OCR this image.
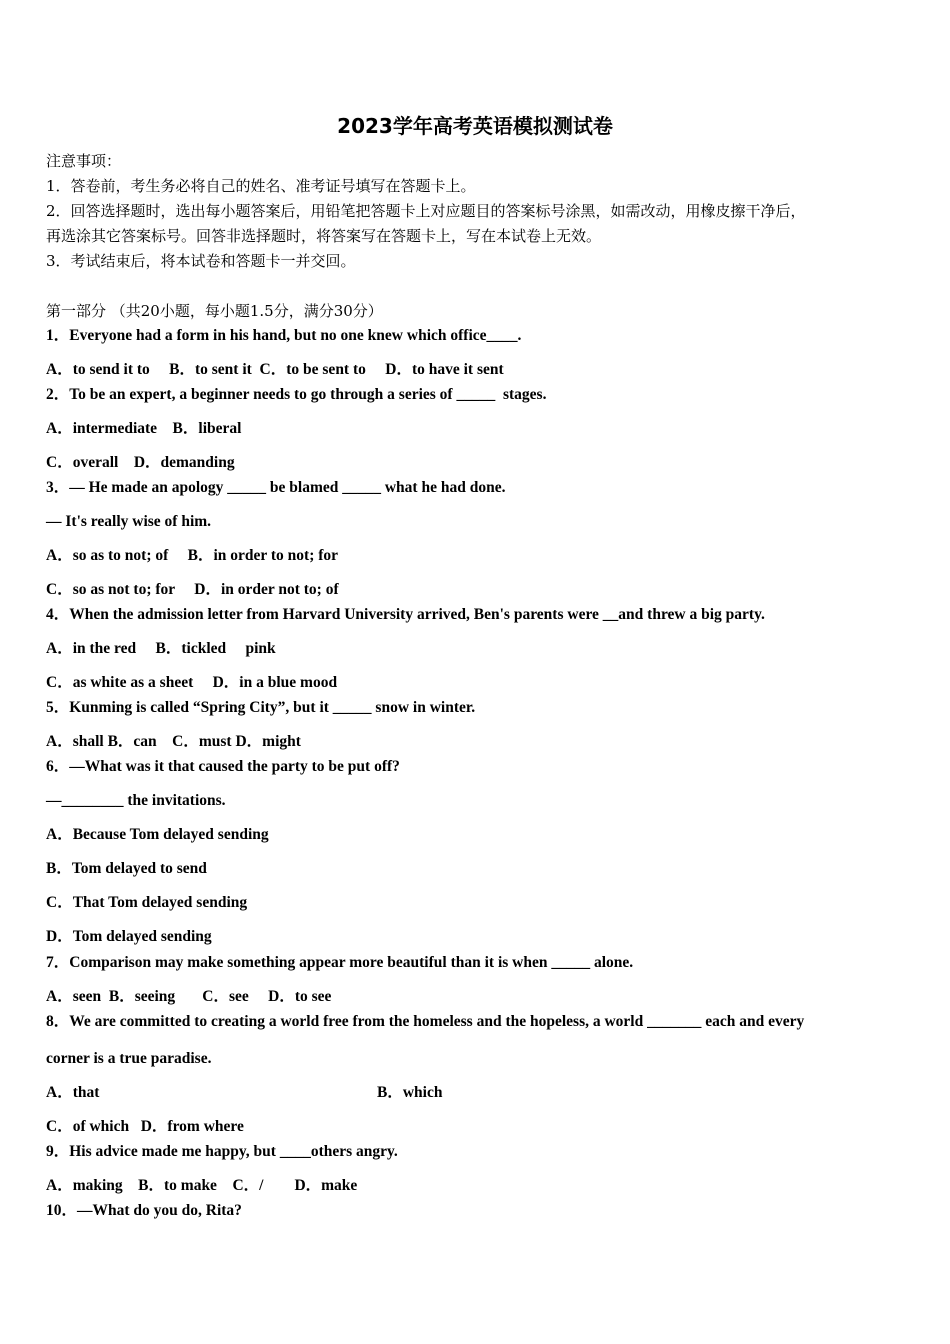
2023学年高考英语模拟测试卷
注意事项：
1．答卷前，考生务必将自己的姓名、准考证号填写在答题卡上。
2．回答选择题时，选出每小题答案后，用铅笔把答题卡上对应题目的答案标号涂黑，如需改动，用橡皮擦干净后，
再选涂其它答案标号。回答非选择题时，将答案写在答题卡上，写在本试卷上无效。
3．考试结束后，将本试卷和答题卡一并交回。
第一部分 （共20小题，每小题1.5分，满分30分）
1．Everyone had a form in his hand, but no one knew which office____.
A．to send it to     B．to sent it  C．to be sent to     D．to have it sent
2．To be an expert, a beginner needs to go through a series of _____  stages.
A．intermediate    B．liberal
C．overall    D．demanding
3．— He made an apology _____ be blamed _____ what he had done.
— It's really wise of him.
A．so as to not; of     B．in order to not; for
C．so as not to; for     D．in order not to; of
4．When the admission letter from Harvard University arrived, Ben's parents were __and threw a big party.
A．in the red     B．tickled     pink
C．as white as a sheet     D．in a blue mood
5．Kunming is called “Spring City”, but it _____ snow in winter.
A．shall B．can    C．must D．might
6．—What was it that caused the party to be put off?
—________ the invitations.
A．Because Tom delayed sending
B．Tom delayed to send
C．That Tom delayed sending
D．Tom delayed sending
7．Comparison may make something appear more beautiful than it is when _____ alone.
A．seen  B．seeing       C．see     D．to see
8．We are committed to creating a world free from the homeless and the hopeless, a world _______ each and every
corner is a true paradise.
A．that	B．which
C．of which   D．from where
9．His advice made me happy, but ____others angry.
A．making    B．to make    C．/        D．make
10．—What do you do, Rita?
